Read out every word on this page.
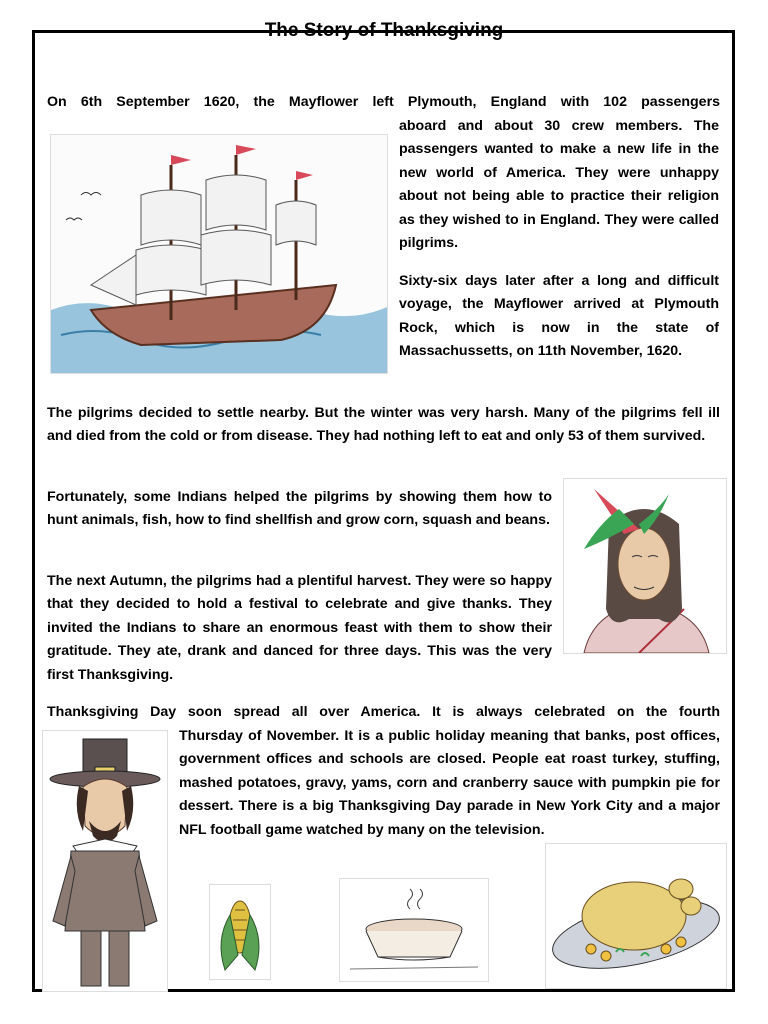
The Story of Thanksgiving

On 6th September 1620, the Mayflower left Plymouth, England with 102 passengers

aboard and about 30 crew members. The passengers wanted to make a new life in the new world of America. They were unhappy about not being able to practice their religion as they wished to in England. They were called pilgrims.

Sixty-six days later after a long and difficult voyage, the Mayflower arrived at Plymouth Rock, which is now in the state of Massachussetts, on 11th November, 1620.

The pilgrims decided to settle nearby. But the winter was very harsh. Many of the pilgrims fell ill and died from the cold or from disease. They had nothing left to eat and only 53 of them survived.

Fortunately, some Indians helped the pilgrims by showing them how to hunt animals, fish, how to find shellfish and grow corn, squash and beans.

The next Autumn, the pilgrims had a plentiful harvest. They were so happy that they decided to hold a festival to celebrate and give thanks. They invited the Indians to share an enormous feast with them to show their gratitude. They ate, drank and danced for three days. This was the very first Thanksgiving.

Thanksgiving Day soon spread all over America. It is always celebrated on the fourth

Thursday of November. It is a public holiday meaning that banks, post offices, government offices and schools are closed. People eat roast turkey, stuffing, mashed potatoes, gravy, yams, corn and cranberry sauce with pumpkin pie for dessert. There is a big Thanksgiving Day parade in New York City and a major NFL football game watched by many on the television.
